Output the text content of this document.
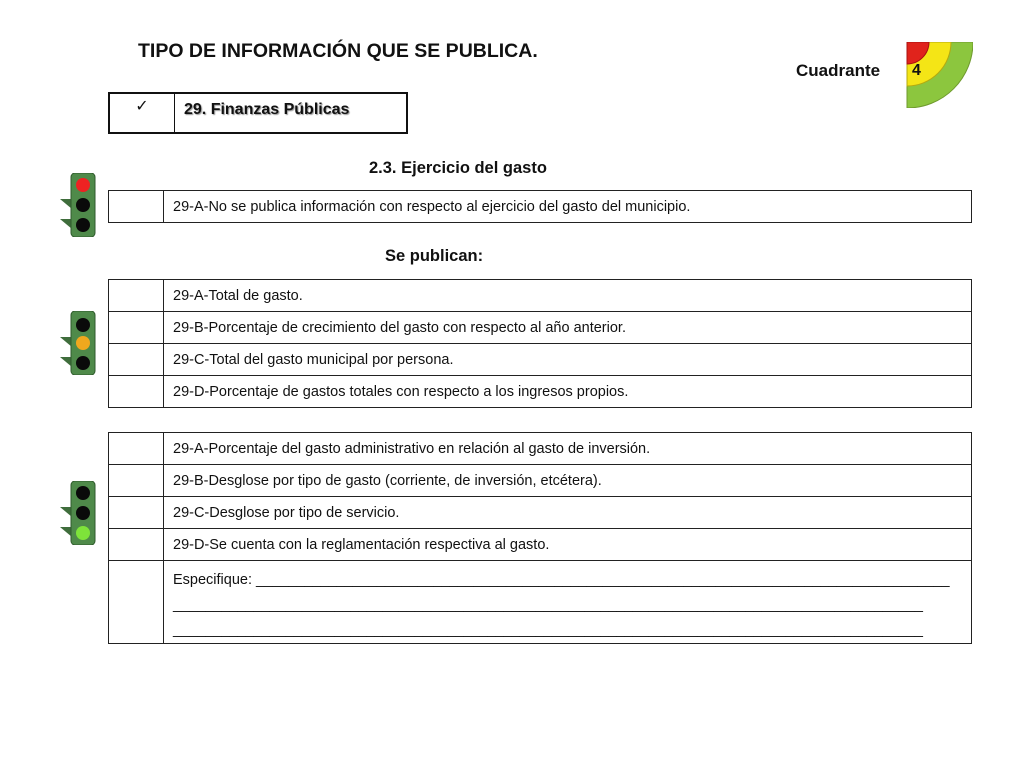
TIPO DE INFORMACIÓN QUE SE PUBLICA.
Cuadrante 4
✓	29. Finanzas Públicas
2.3. Ejercicio del gasto
	29-A-No se publica información con respecto al ejercicio del gasto del municipio.
Se publican:
	29-A-Total de gasto.
	29-B-Porcentaje de crecimiento del gasto con respecto al año anterior.
	29-C-Total del gasto municipal por persona.
	29-D-Porcentaje de gastos totales con respecto a los ingresos propios.
	29-A-Porcentaje del gasto administrativo en relación al gasto de inversión.
	29-B-Desglose por tipo de gasto (corriente, de inversión, etcétera).
	29-C-Desglose por tipo de servicio.
	29-D-Se cuenta con la reglamentación respectiva al gasto.

	Especifique: ______________________________________________________________________________________
_____________________________________________________________________________________________
_____________________________________________________________________________________________
